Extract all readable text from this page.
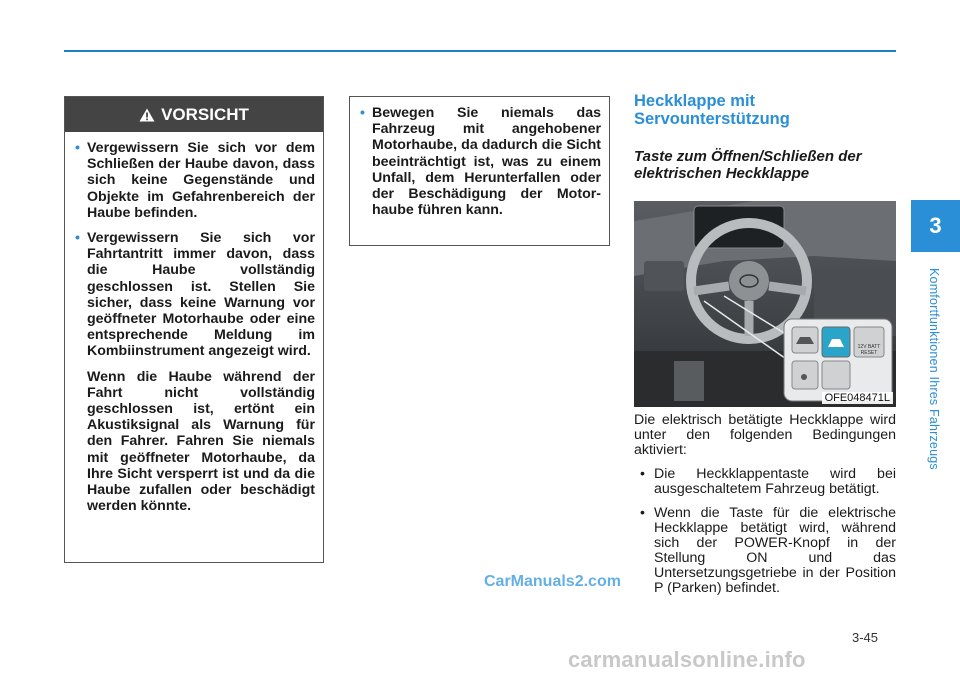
VORSICHT
• Vergewissern Sie sich vor dem Schließen der Haube davon, dass sich keine Gegenstände und Objekte im Gefahrenbereich der Haube befinden.
• Vergewissern Sie sich vor Fahrtantritt immer davon, dass die Haube vollständig geschlossen ist. Stellen Sie sicher, dass keine Warnung vor geöffneter Motorhaube oder eine entsprechende Meldung im Kombiinstrument angezeigt wird.
Wenn die Haube während der Fahrt nicht vollständig geschlossen ist, ertönt ein Akustiksignal als Warnung für den Fahrer. Fahren Sie niemals mit geöffneter Motorhaube, da Ihre Sicht versperrt ist und da die Haube zufallen oder beschädigt werden könnte.
• Bewegen Sie niemals das Fahrzeug mit angehobener Motorhaube, da dadurch die Sicht beeinträchtigt ist, was zu einem Unfall, dem Herunterfallen oder der Beschädigung der Motor-haube führen kann.
Heckklappe mit
Servounterstützung
Taste zum Öffnen/Schließen der elektrischen Heckklappe
12V BATT
RESET
OFE048471L

Die elektrisch betätigte Heckklappe wird unter den folgenden Bedingungen aktiviert:

• Die Heckklappentaste wird bei ausgeschaltetem Fahrzeug betätigt.
• Wenn die Taste für die elektrische Heckklappe betätigt wird, während sich der POWER-Knopf in der Stellung ON und das Untersetzungsgetriebe in der Position P (Parken) befindet.
3
Komfortfunktionen Ihres Fahrzeugs
3-45
CarManuals2.com
carmanualsonline.info
